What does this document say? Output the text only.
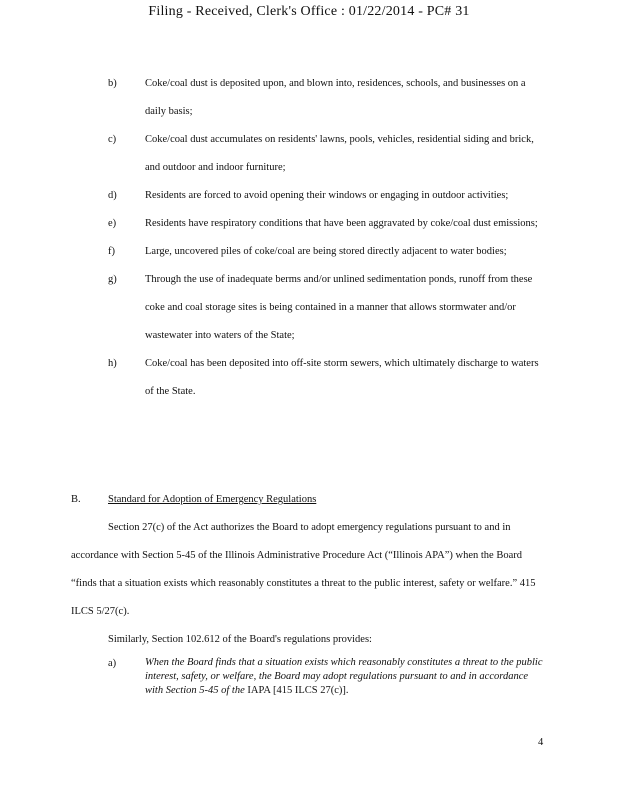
Filing - Received, Clerk's Office : 01/22/2014 - PC# 31
b)	Coke/coal dust is deposited upon, and blown into, residences, schools, and businesses on a daily basis;
c)	Coke/coal dust accumulates on residents' lawns, pools, vehicles, residential siding and brick, and outdoor and indoor furniture;
d)	Residents are forced to avoid opening their windows or engaging in outdoor activities;
e)	Residents have respiratory conditions that have been aggravated by coke/coal dust emissions;
f)	Large, uncovered piles of coke/coal are being stored directly adjacent to water bodies;
g)	Through the use of inadequate berms and/or unlined sedimentation ponds, runoff from these coke and coal storage sites is being contained in a manner that allows stormwater and/or wastewater into waters of the State;
h)	Coke/coal has been deposited into off-site storm sewers, which ultimately discharge to waters of the State.
B.	Standard for Adoption of Emergency Regulations
Section 27(c) of the Act authorizes the Board to adopt emergency regulations pursuant to and in accordance with Section 5-45 of the Illinois Administrative Procedure Act (“Illinois APA”) when the Board “finds that a situation exists which reasonably constitutes a threat to the public interest, safety or welfare.” 415 ILCS 5/27(c).
Similarly, Section 102.612 of the Board's regulations provides:
a)	When the Board finds that a situation exists which reasonably constitutes a threat to the public interest, safety, or welfare, the Board may adopt regulations pursuant to and in accordance with Section 5-45 of the IAPA [415 ILCS 27(c)].
4
